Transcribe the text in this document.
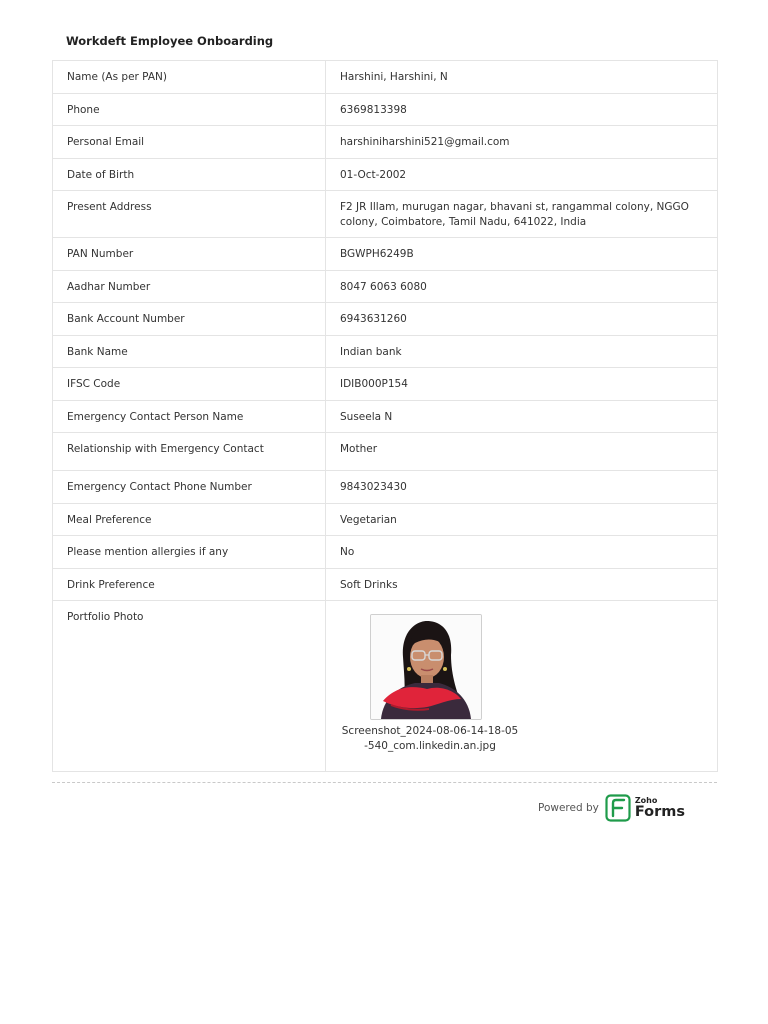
Workdeft Employee Onboarding
Name (As per PAN)	Harshini, Harshini, N
Phone	6369813398
Personal Email	harshiniharshini521@gmail.com
Date of Birth	01-Oct-2002
Present Address	F2 JR Illam, murugan nagar, bhavani st, rangammal colony, NGGO colony, Coimbatore, Tamil Nadu, 641022, India
PAN Number	BGWPH6249B
Aadhar Number	8047 6063 6080
Bank Account Number	6943631260
Bank Name	Indian bank
IFSC Code	IDIB000P154
Emergency Contact Person Name	Suseela N
Relationship with Emergency Contact	Mother
Emergency Contact Phone Number	9843023430
Meal Preference	Vegetarian
Please mention allergies if any	No
Drink Preference	Soft Drinks
Portfolio Photo	Screenshot_2024-08-06-14-18-05-540_com.linkedin.an.jpg
Powered by
Zoho
Forms
